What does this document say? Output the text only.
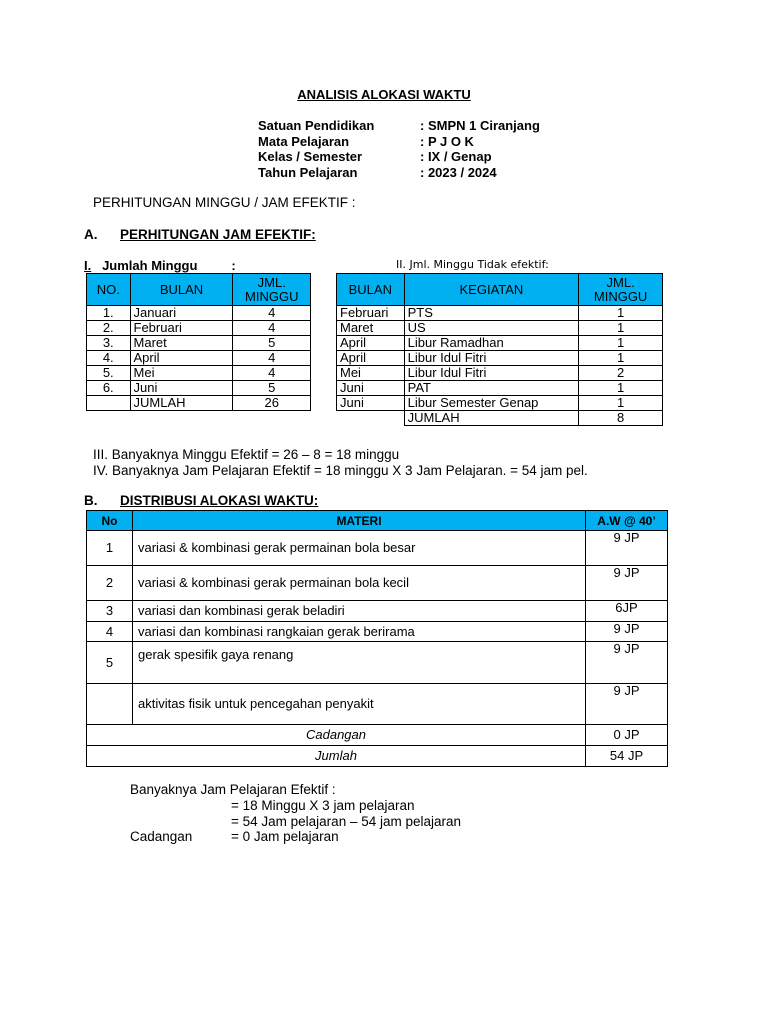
ANALISIS ALOKASI WAKTU
Satuan Pendidikan	: SMPN 1 Ciranjang
Mata Pelajaran	: P J O K
Kelas / Semester	: IX / Genap
Tahun Pelajaran	: 2023 / 2024
PERHITUNGAN MINGGU / JAM EFEKTIF :
A. PERHITUNGAN JAM EFEKTIF:
I. Jumlah Minggu	:	II. Jml. Minggu Tidak efektif:
NO.	BULAN	JML. MINGGU
1.	Januari	4
2.	Februari	4
3.	Maret	5
4.	April	4
5.	Mei	4
6.	Juni	5
	JUMLAH	26
BULAN	KEGIATAN	JML. MINGGU
Februari	PTS	1
Maret	US	1
April	Libur Ramadhan	1
April	Libur Idul Fitri	1
Mei	Libur Idul Fitri	2
Juni	PAT	1
Juni	Libur Semester Genap	1
	JUMLAH	8
III. Banyaknya Minggu Efektif = 26 – 8 = 18 minggu
IV. Banyaknya Jam Pelajaran Efektif = 18 minggu X 3 Jam Pelajaran. = 54 jam pel.
B. DISTRIBUSI ALOKASI WAKTU:
No	MATERI	A.W @ 40’
1	variasi & kombinasi gerak permainan bola besar	9 JP
2	variasi & kombinasi gerak permainan bola kecil	9 JP
3	variasi dan kombinasi gerak beladiri	6JP
4	variasi dan kombinasi rangkaian gerak berirama	9 JP
5	gerak spesifik gaya renang	9 JP
	aktivitas fisik untuk pencegahan penyakit	9 JP
Cadangan		0 JP
Jumlah		54 JP
Banyaknya Jam Pelajaran Efektif :
= 18 Minggu X 3 jam pelajaran
= 54 Jam pelajaran – 54 jam pelajaran
Cadangan	= 0 Jam pelajaran
